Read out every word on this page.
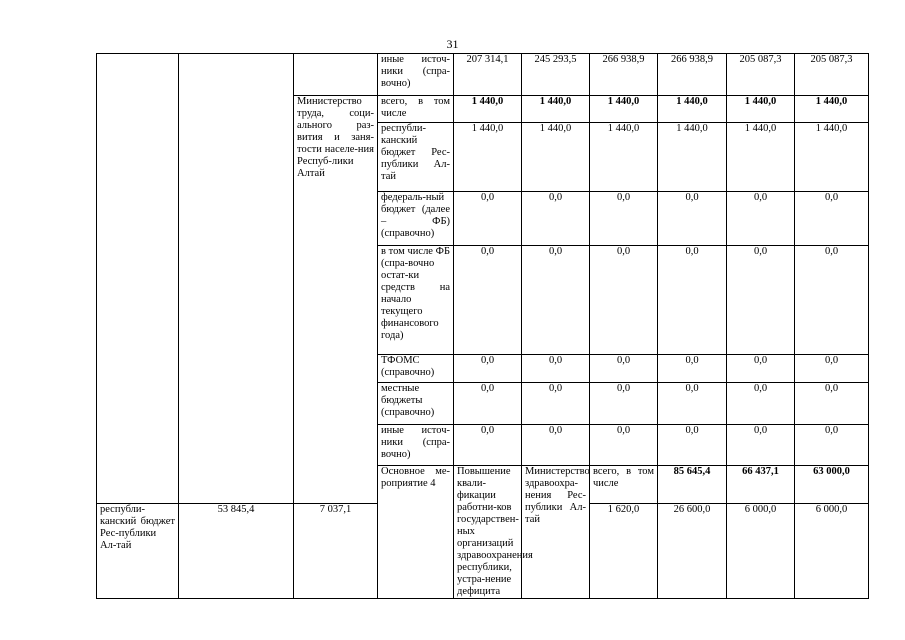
31
			иные источ-ники (спра-вочно)	207 314,1	245 293,5	266 938,9	266 938,9	205 087,3	205 087,3	
		Министерство труда, соци-ального раз-вития и заня-тости населе-ния Респуб-лики Алтай	всего, в том числе	1 440,0	1 440,0	1 440,0	1 440,0	1 440,0	1 440,0	
			республи-канский бюджет Рес-публики Ал-тай	1 440,0	1 440,0	1 440,0	1 440,0	1 440,0	1 440,0	
			федераль-ный бюджет (далее – ФБ) (справочно)	0,0	0,0	0,0	0,0	0,0	0,0	
			в том числе ФБ (спра-вочно остат-ки средств на начало текущего финансового года)	0,0	0,0	0,0	0,0	0,0	0,0	
			ТФОМС (справочно)	0,0	0,0	0,0	0,0	0,0	0,0	
			местные бюджеты (справочно)	0,0	0,0	0,0	0,0	0,0	0,0	
			иные источ-ники (спра-вочно)	0,0	0,0	0,0	0,0	0,0	0,0	
			Основное ме-роприятие 4	Повышение квали-фикации работни-ков государствен-ных организаций здравоохранения республики, устра-нение дефицита	Министерство здравоохра-нения Рес-публики Ал-тай	всего, в том числе	85 645,4	66 437,1	63 000,0			
республи-канский бюджет Рес-публики Ал-тай	53 845,4	7 037,1				1 620,0	26 600,0	6 000,0	6 000,0	
